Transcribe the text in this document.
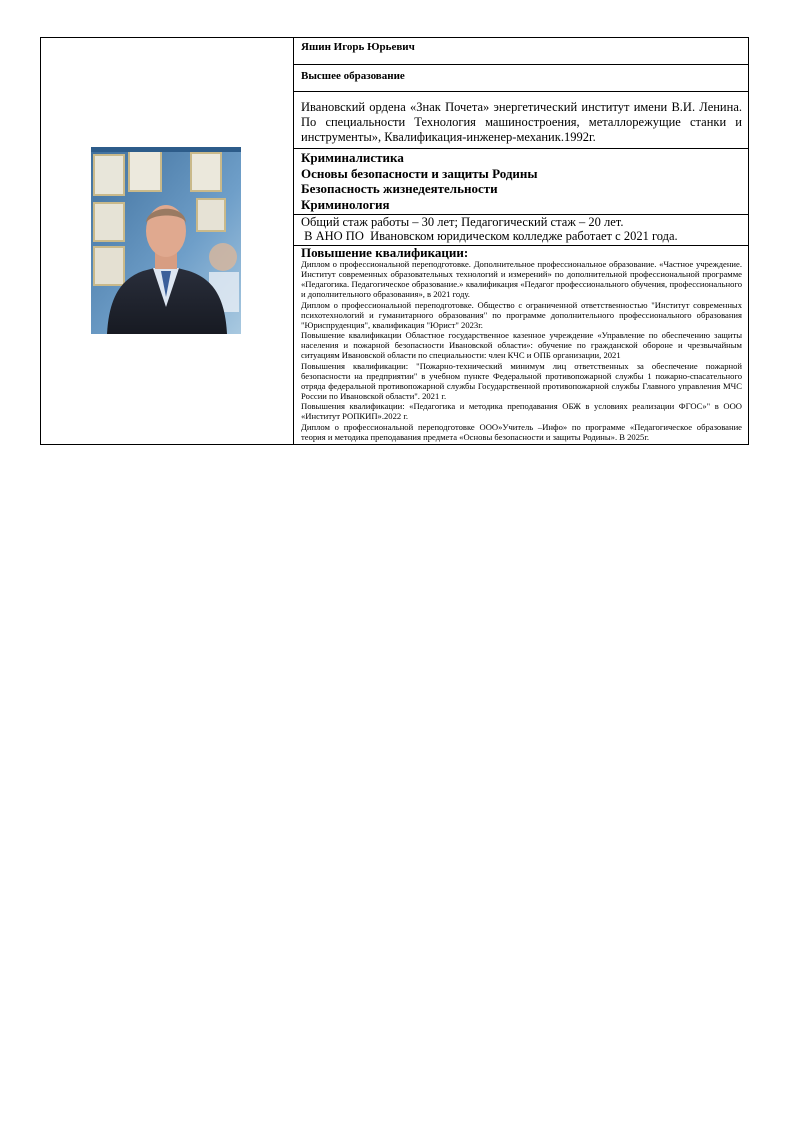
Яшин Игорь Юрьевич

Высшее образование

Ивановский ордена «Знак Почета» энергетический институт имени В.И. Ленина. По специальности Технология машиностроения, металлорежущие станки и инструменты», Квалификация-инженер-механик.1992г.

Криминалистика
Основы безопасности и защиты Родины
Безопасность жизнедеятельности
Криминология

Общий стаж работы – 30 лет; Педагогический стаж – 20 лет.
В АНО ПО  Ивановском юридическом колледже работает с 2021 года.

Повышение квалификации:

Диплом о профессиональной переподготовке. Дополнительное профессиональное образование. «Частное учреждение. Институт современных образовательных технологий и измерений» по дополнительной профессиональной программе «Педагогика. Педагогическое образование.» квалификация «Педагог профессионального обучения, профессионального и дополнительного образования», в 2021 году.

Диплом о профессиональной переподготовке. Общество с ограниченной ответственностью "Институт современных психотехнологий и гуманитарного образования" по программе дополнительного профессионального образования "Юриспруденция", квалификация "Юрист" 2023г.

Повышение квалификации Областное государственное казенное учреждение «Управление по обеспечению защиты населения и пожарной безопасности Ивановской области»: обучение по гражданской обороне и чрезвычайным ситуациям Ивановской области по специальности: член КЧС и ОПБ организации, 2021

Повышения квалификации: "Пожарно-технический минимум лиц ответственных за обеспечение пожарной безопасности на предприятии" в учебном пункте Федеральной противопожарной службы 1 пожарно-спасательного отряда федеральной противопожарной службы Государственной противопожарной службы Главного управления МЧС России по Ивановской области". 2021 г.

Повышения квалификации: «Педагогика и методика преподавания ОБЖ в условиях реализации ФГОС»" в ООО «Институт РОПКИП».2022 г.

Диплом о профессиональной переподготовке ООО»Учитель –Инфо» по программе «Педагогическое образование теория и методика преподавания предмета «Основы безопасности и защиты Родины». В 2025г.
